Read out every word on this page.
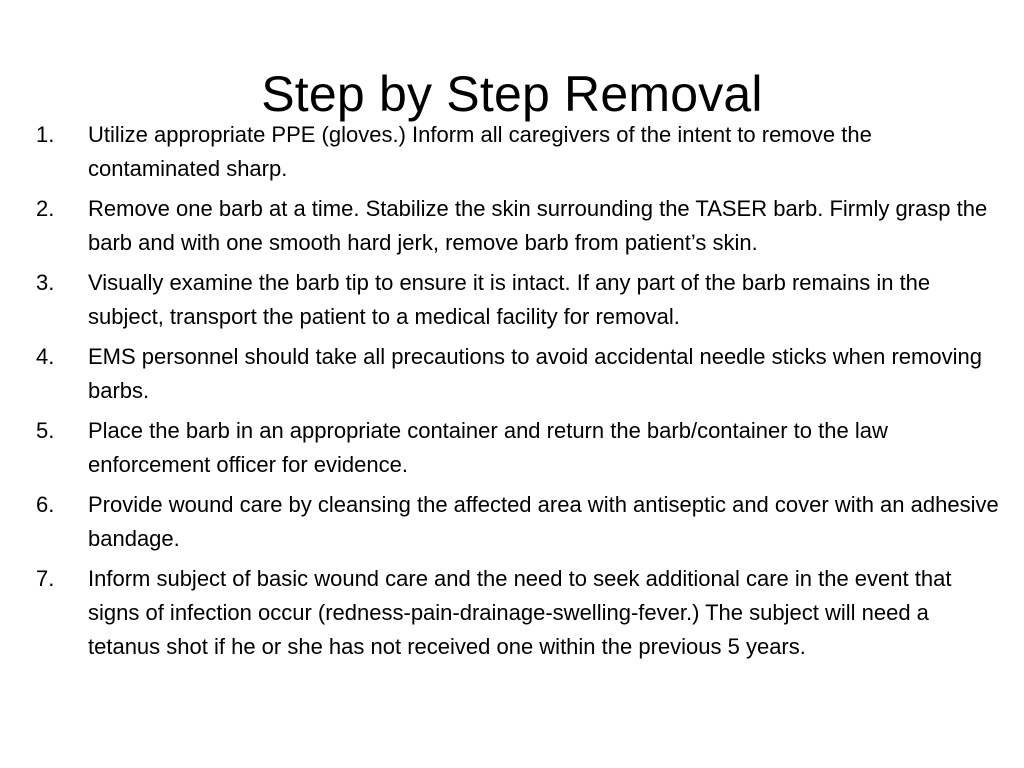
Step by Step Removal
1. Utilize appropriate PPE (gloves.) Inform all caregivers of the intent to remove the contaminated sharp.
2. Remove one barb at a time. Stabilize the skin surrounding the TASER barb. Firmly grasp the barb and with one smooth hard jerk, remove barb from patient’s skin.
3. Visually examine the barb tip to ensure it is intact. If any part of the barb remains in the subject, transport the patient to a medical facility for removal.
4. EMS personnel should take all precautions to avoid accidental needle sticks when removing barbs.
5. Place the barb in an appropriate container and return the barb/container to the law enforcement officer for evidence.
6. Provide wound care by cleansing the affected area with antiseptic and cover with an adhesive bandage.
7. Inform subject of basic wound care and the need to seek additional care in the event that signs of infection occur (redness-pain-drainage-swelling-fever.) The subject will need a tetanus shot if he or she has not received one within the previous 5 years.
